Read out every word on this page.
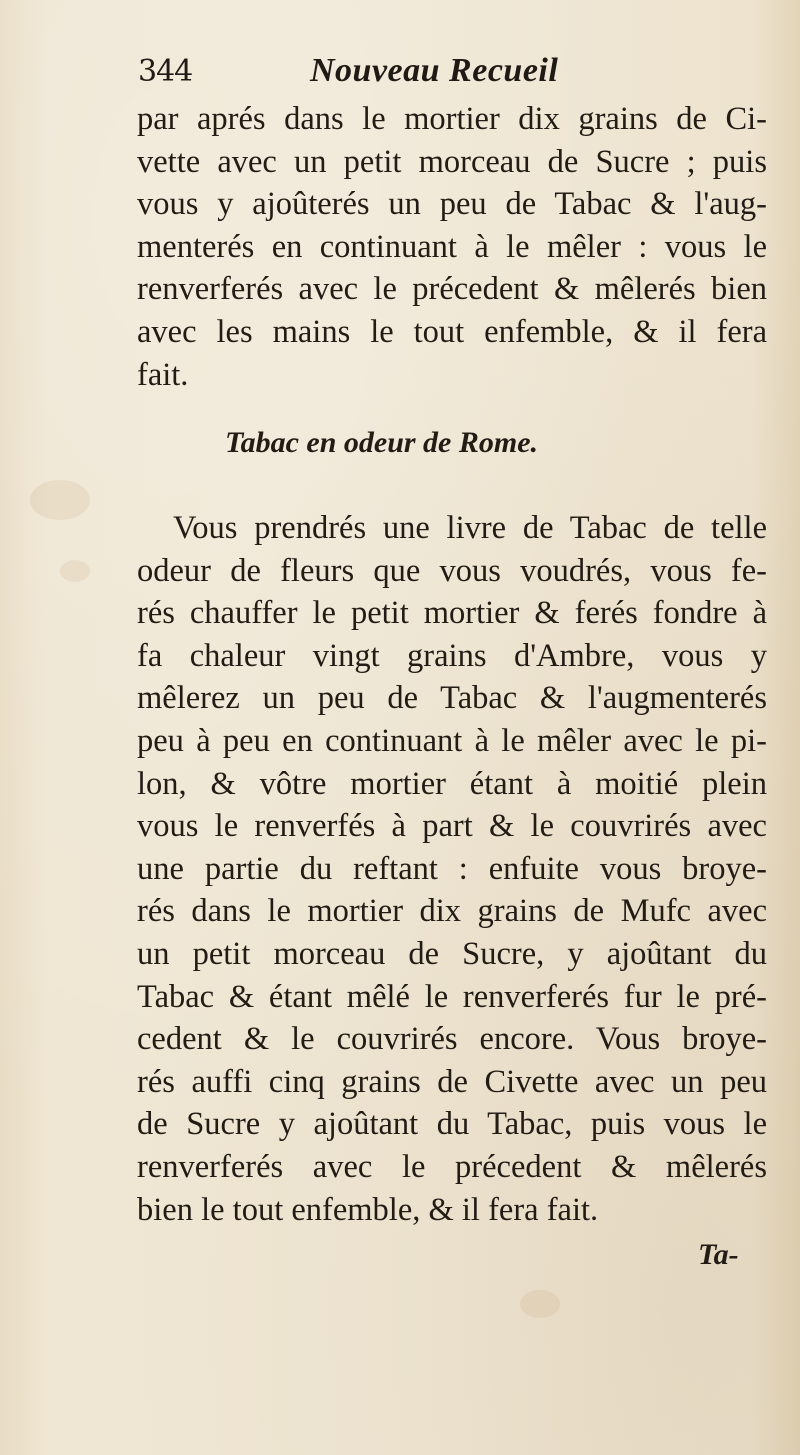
344	Nouveau Recueil
par aprés dans le mortier dix grains de Ci-
vette avec un petit morceau de Sucre ; puis
vous y ajoûterés un peu de Tabac & l'aug-
menterés en continuant à le mêler : vous le
renverferés avec le précedent & mêlerés bien
avec les mains le tout enfemble, & il fera
fait.
Tabac en odeur de Rome.
Vous prendrés une livre de Tabac de telle
odeur de fleurs que vous voudrés, vous fe-
rés chauffer le petit mortier & ferés fondre à
fa chaleur vingt grains d'Ambre, vous y
mêlerez un peu de Tabac & l'augmenterés
peu à peu en continuant à le mêler avec le pi-
lon, & vôtre mortier étant à moitié plein
vous le renverfés à part & le couvrirés avec
une partie du reftant : enfuite vous broye-
rés dans le mortier dix grains de Mufc avec
un petit morceau de Sucre, y ajoûtant du
Tabac & étant mêlé le renverferés fur le pré-
cedent & le couvrirés encore. Vous broye-
rés auffi cinq grains de Civette avec un peu
de Sucre y ajoûtant du Tabac, puis vous le
renverferés avec le précedent & mêlerés
bien le tout enfemble, & il fera fait.
Ta-
